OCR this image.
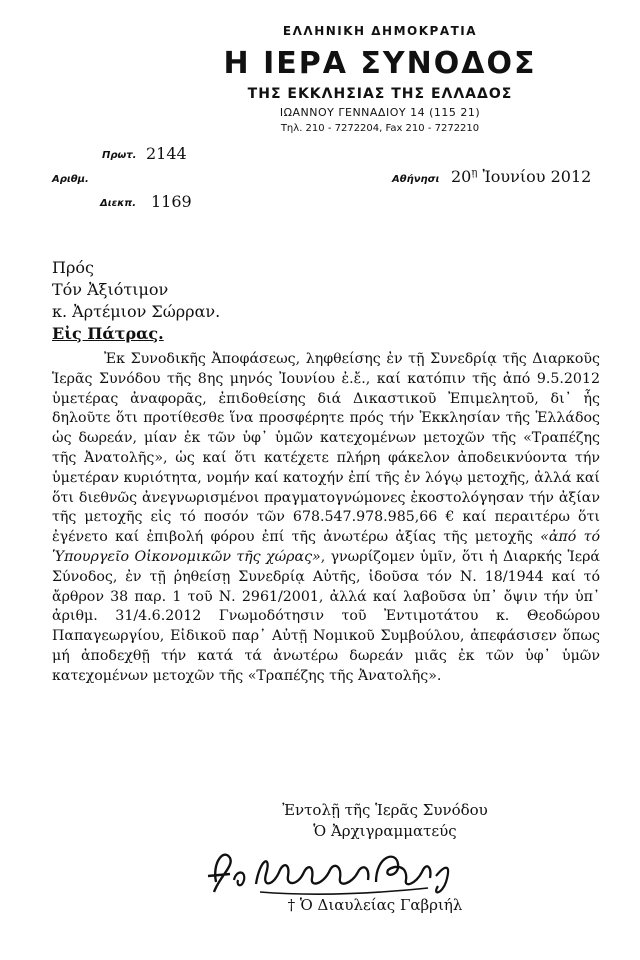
ΕΛΛΗΝΙΚΗ ΔΗΜΟΚΡΑΤΙΑ
Η ΙΕΡΑ ΣΥΝΟΔΟΣ
ΤΗΣ ΕΚΚΛΗΣΙΑΣ ΤΗΣ ΕΛΛΑΔΟΣ
ΙΩΑΝΝΟΥ ΓΕΝΝΑΔΙΟΥ 14 (115 21)
Τηλ. 210 - 7272204, Fax 210 - 7272210
Πρωτ. 2144
Αριθμ.
Διεκπ. 1169
Αθήνησι $20^ῃ$ Ἰουνίου 2012
Πρός
Τόν Ἀξιότιμον
κ. Ἀρτέμιον Σώρραν.
Εἰς Πάτρας.

Ἐκ Συνοδικῆς Ἀποφάσεως, ληφθείσης ἐν τῇ Συνεδρίᾳ τῆς Διαρκοῦς Ἱερᾶς Συνόδου τῆς 8ης μηνός Ἰουνίου ἐ.ἔ., καί κατόπιν τῆς ἀπό 9.5.2012 ὑμετέρας ἀναφορᾶς, ἐπιδοθείσης διά Δικαστικοῦ Ἐπιμελητοῦ, δι᾽ ἧς δηλοῦτε ὅτι προτίθεσθε ἵνα προσφέρητε πρός τήν Ἐκκλησίαν τῆς Ἑλλάδος ὡς δωρεάν, μίαν ἐκ τῶν ὑφ᾽ ὑμῶν κατεχομένων μετοχῶν τῆς «Τραπέζης τῆς Ἀνατολῆς», ὡς καί ὅτι κατέχετε πλήρη φάκελον ἀποδεικνύοντα τήν ὑμετέραν κυριότητα, νομήν καί κατοχήν ἐπί τῆς ἐν λόγῳ μετοχῆς, ἀλλά καί ὅτι διεθνῶς ἀνεγνωρισμένοι πραγματογνώμονες ἐκοστολόγησαν τήν ἀξίαν τῆς μετοχῆς εἰς τό ποσόν τῶν 678.547.978.985,66 € καί περαιτέρω ὅτι ἐγένετο καί ἐπιβολή φόρου ἐπί τῆς ἀνωτέρω ἀξίας τῆς μετοχῆς «ἀπό τό Ὑπουργεῖο Οἰκονομικῶν τῆς χώρας», γνωρίζομεν ὑμῖν, ὅτι ἡ Διαρκής Ἱερά Σύνοδος, ἐν τῇ ῥηθείσῃ Συνεδρίᾳ Αὐτῆς, ἰδοῦσα τόν Ν. 18/1944 καί τό ἄρθρον 38 παρ. 1 τοῦ Ν. 2961/2001, ἀλλά καί λαβοῦσα ὑπ᾽ ὄψιν τήν ὑπ᾽ ἀριθμ. 31/4.6.2012 Γνωμοδότησιν τοῦ Ἐντιμοτάτου κ. Θεοδώρου Παπαγεωργίου, Εἰδικοῦ παρ᾽ Αὐτῇ Νομικοῦ Συμβούλου, ἀπεφάσισεν ὅπως μή ἀποδεχθῇ τήν κατά τά ἀνωτέρω δωρεάν μιᾶς ἐκ τῶν ὑφ᾽ ὑμῶν κατεχομένων μετοχῶν τῆς «Τραπέζης τῆς Ἀνατολῆς».

Ἐντολῇ τῆς Ἱερᾶς Συνόδου
Ὁ Ἀρχιγραμματεύς
† Ὁ Διαυλείας Γαβριήλ
